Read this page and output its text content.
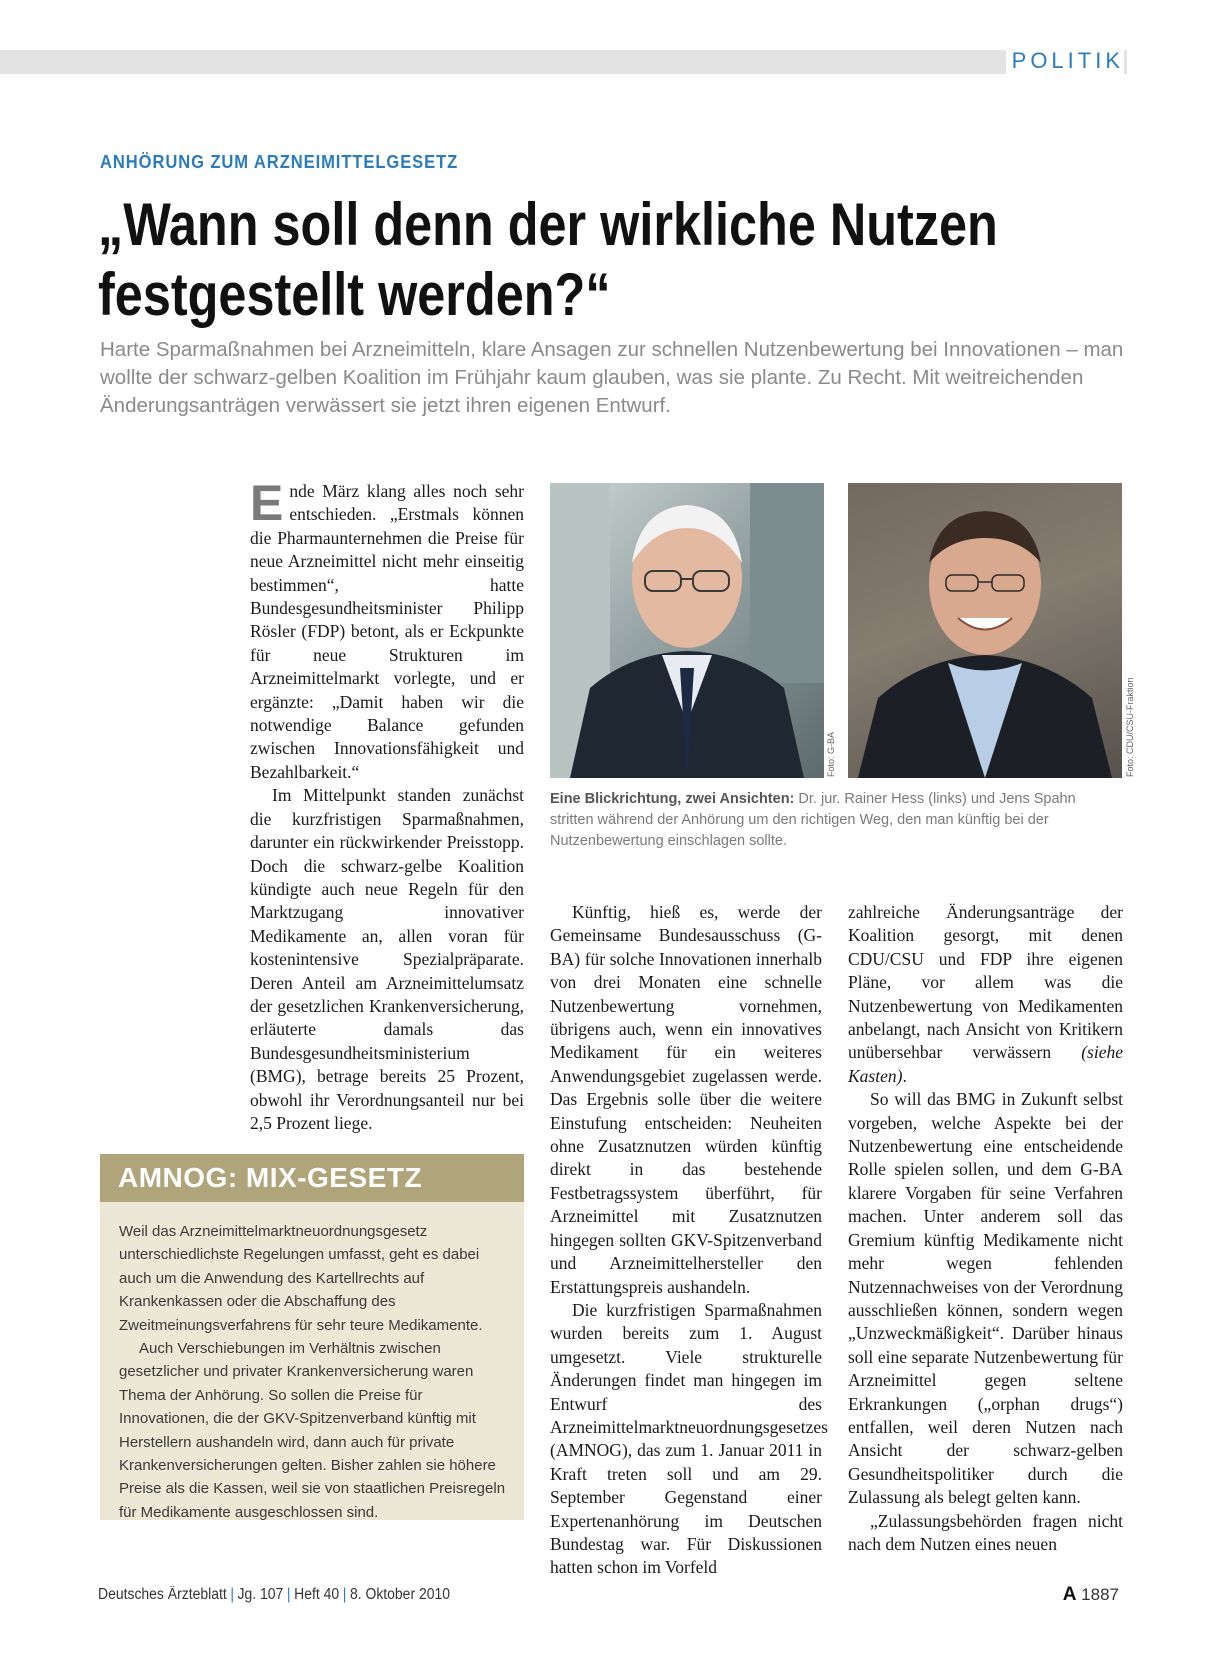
POLITIK
ANHÖRUNG ZUM ARZNEIMITTELGESETZ
„Wann soll denn der wirkliche Nutzen
festgestellt werden?“

Harte Sparmaßnahmen bei Arzneimitteln, klare Ansagen zur schnellen Nutzenbewertung bei Innovationen – man wollte der schwarz-gelben Koalition im Frühjahr kaum glauben, was sie plante. Zu Recht. Mit weitreichenden Änderungsanträgen verwässert sie jetzt ihren eigenen Entwurf.

Ende März klang alles noch sehr entschieden. „Erstmals können die Pharmaunternehmen die Preise für neue Arzneimittel nicht mehr einseitig bestimmen“, hatte Bundesgesundheitsminister Philipp Rösler (FDP) betont, als er Eckpunkte für neue Strukturen im Arzneimittelmarkt vorlegte, und er ergänzte: „Damit haben wir die notwendige Balance gefunden zwischen Innovationsfähigkeit und Bezahlbarkeit.“

Im Mittelpunkt standen zunächst die kurzfristigen Sparmaßnahmen, darunter ein rückwirkender Preisstopp. Doch die schwarz-gelbe Koalition kündigte auch neue Regeln für den Marktzugang innovativer Medikamente an, allen voran für kostenintensive Spezialpräparate. Deren Anteil am Arzneimittelumsatz der gesetzlichen Krankenversicherung, erläuterte damals das Bundesgesundheitsministerium (BMG), betrage bereits 25 Prozent, obwohl ihr Verordnungsanteil nur bei 2,5 Prozent liege.

Foto: G-BA	Foto: CDU/CSU-Fraktion

Eine Blickrichtung, zwei Ansichten: Dr. jur. Rainer Hess (links) und Jens Spahn stritten während der Anhörung um den richtigen Weg, den man künftig bei der Nutzenbewertung einschlagen sollte.

Künftig, hieß es, werde der Gemeinsame Bundesausschuss (G-BA) für solche Innovationen innerhalb von drei Monaten eine schnelle Nutzenbewertung vornehmen, übrigens auch, wenn ein innovatives Medikament für ein weiteres Anwendungsgebiet zugelassen werde. Das Ergebnis solle über die weitere Einstufung entscheiden: Neuheiten ohne Zusatznutzen würden künftig direkt in das bestehende Festbetragssystem überführt, für Arzneimittel mit Zusatznutzen hingegen sollten GKV-Spitzenverband und Arzneimittelhersteller den Erstattungspreis aushandeln.

Die kurzfristigen Sparmaßnahmen wurden bereits zum 1. August umgesetzt. Viele strukturelle Änderungen findet man hingegen im Entwurf des Arzneimittelmarktneuordnungsgesetzes (AMNOG), das zum 1. Januar 2011 in Kraft treten soll und am 29. September Gegenstand einer Expertenanhörung im Deutschen Bundestag war. Für Diskussionen hatten schon im Vorfeld

zahlreiche Änderungsanträge der Koalition gesorgt, mit denen CDU/CSU und FDP ihre eigenen Pläne, vor allem was die Nutzenbewertung von Medikamenten anbelangt, nach Ansicht von Kritikern unübersehbar verwässern (siehe Kasten).

So will das BMG in Zukunft selbst vorgeben, welche Aspekte bei der Nutzenbewertung eine entscheidende Rolle spielen sollen, und dem G-BA klarere Vorgaben für seine Verfahren machen. Unter anderem soll das Gremium künftig Medikamente nicht mehr wegen fehlenden Nutzennachweises von der Verordnung ausschließen können, sondern wegen „Unzweckmäßigkeit“. Darüber hinaus soll eine separate Nutzenbewertung für Arzneimittel gegen seltene Erkrankungen („orphan drugs“) entfallen, weil deren Nutzen nach Ansicht der schwarz-gelben Gesundheitspolitiker durch die Zulassung als belegt gelten kann.

„Zulassungsbehörden fragen nicht nach dem Nutzen eines neuen

AMNOG: MIX-GESETZ

Weil das Arzneimittelmarktneuordnungsgesetz unterschiedlichste Regelungen umfasst, geht es dabei auch um die Anwendung des Kartellrechts auf Krankenkassen oder die Abschaffung des Zweitmeinungsverfahrens für sehr teure Medikamente.

Auch Verschiebungen im Verhältnis zwischen gesetzlicher und privater Krankenversicherung waren Thema der Anhörung. So sollen die Preise für Innovationen, die der GKV-Spitzenverband künftig mit Herstellern aushandeln wird, dann auch für private Krankenversicherungen gelten. Bisher zahlen sie höhere Preise als die Kassen, weil sie von staatlichen Preisregeln für Medikamente ausgeschlossen sind.

Deutsches Ärzteblatt | Jg. 107 | Heft 40 | 8. Oktober 2010	A 1887
